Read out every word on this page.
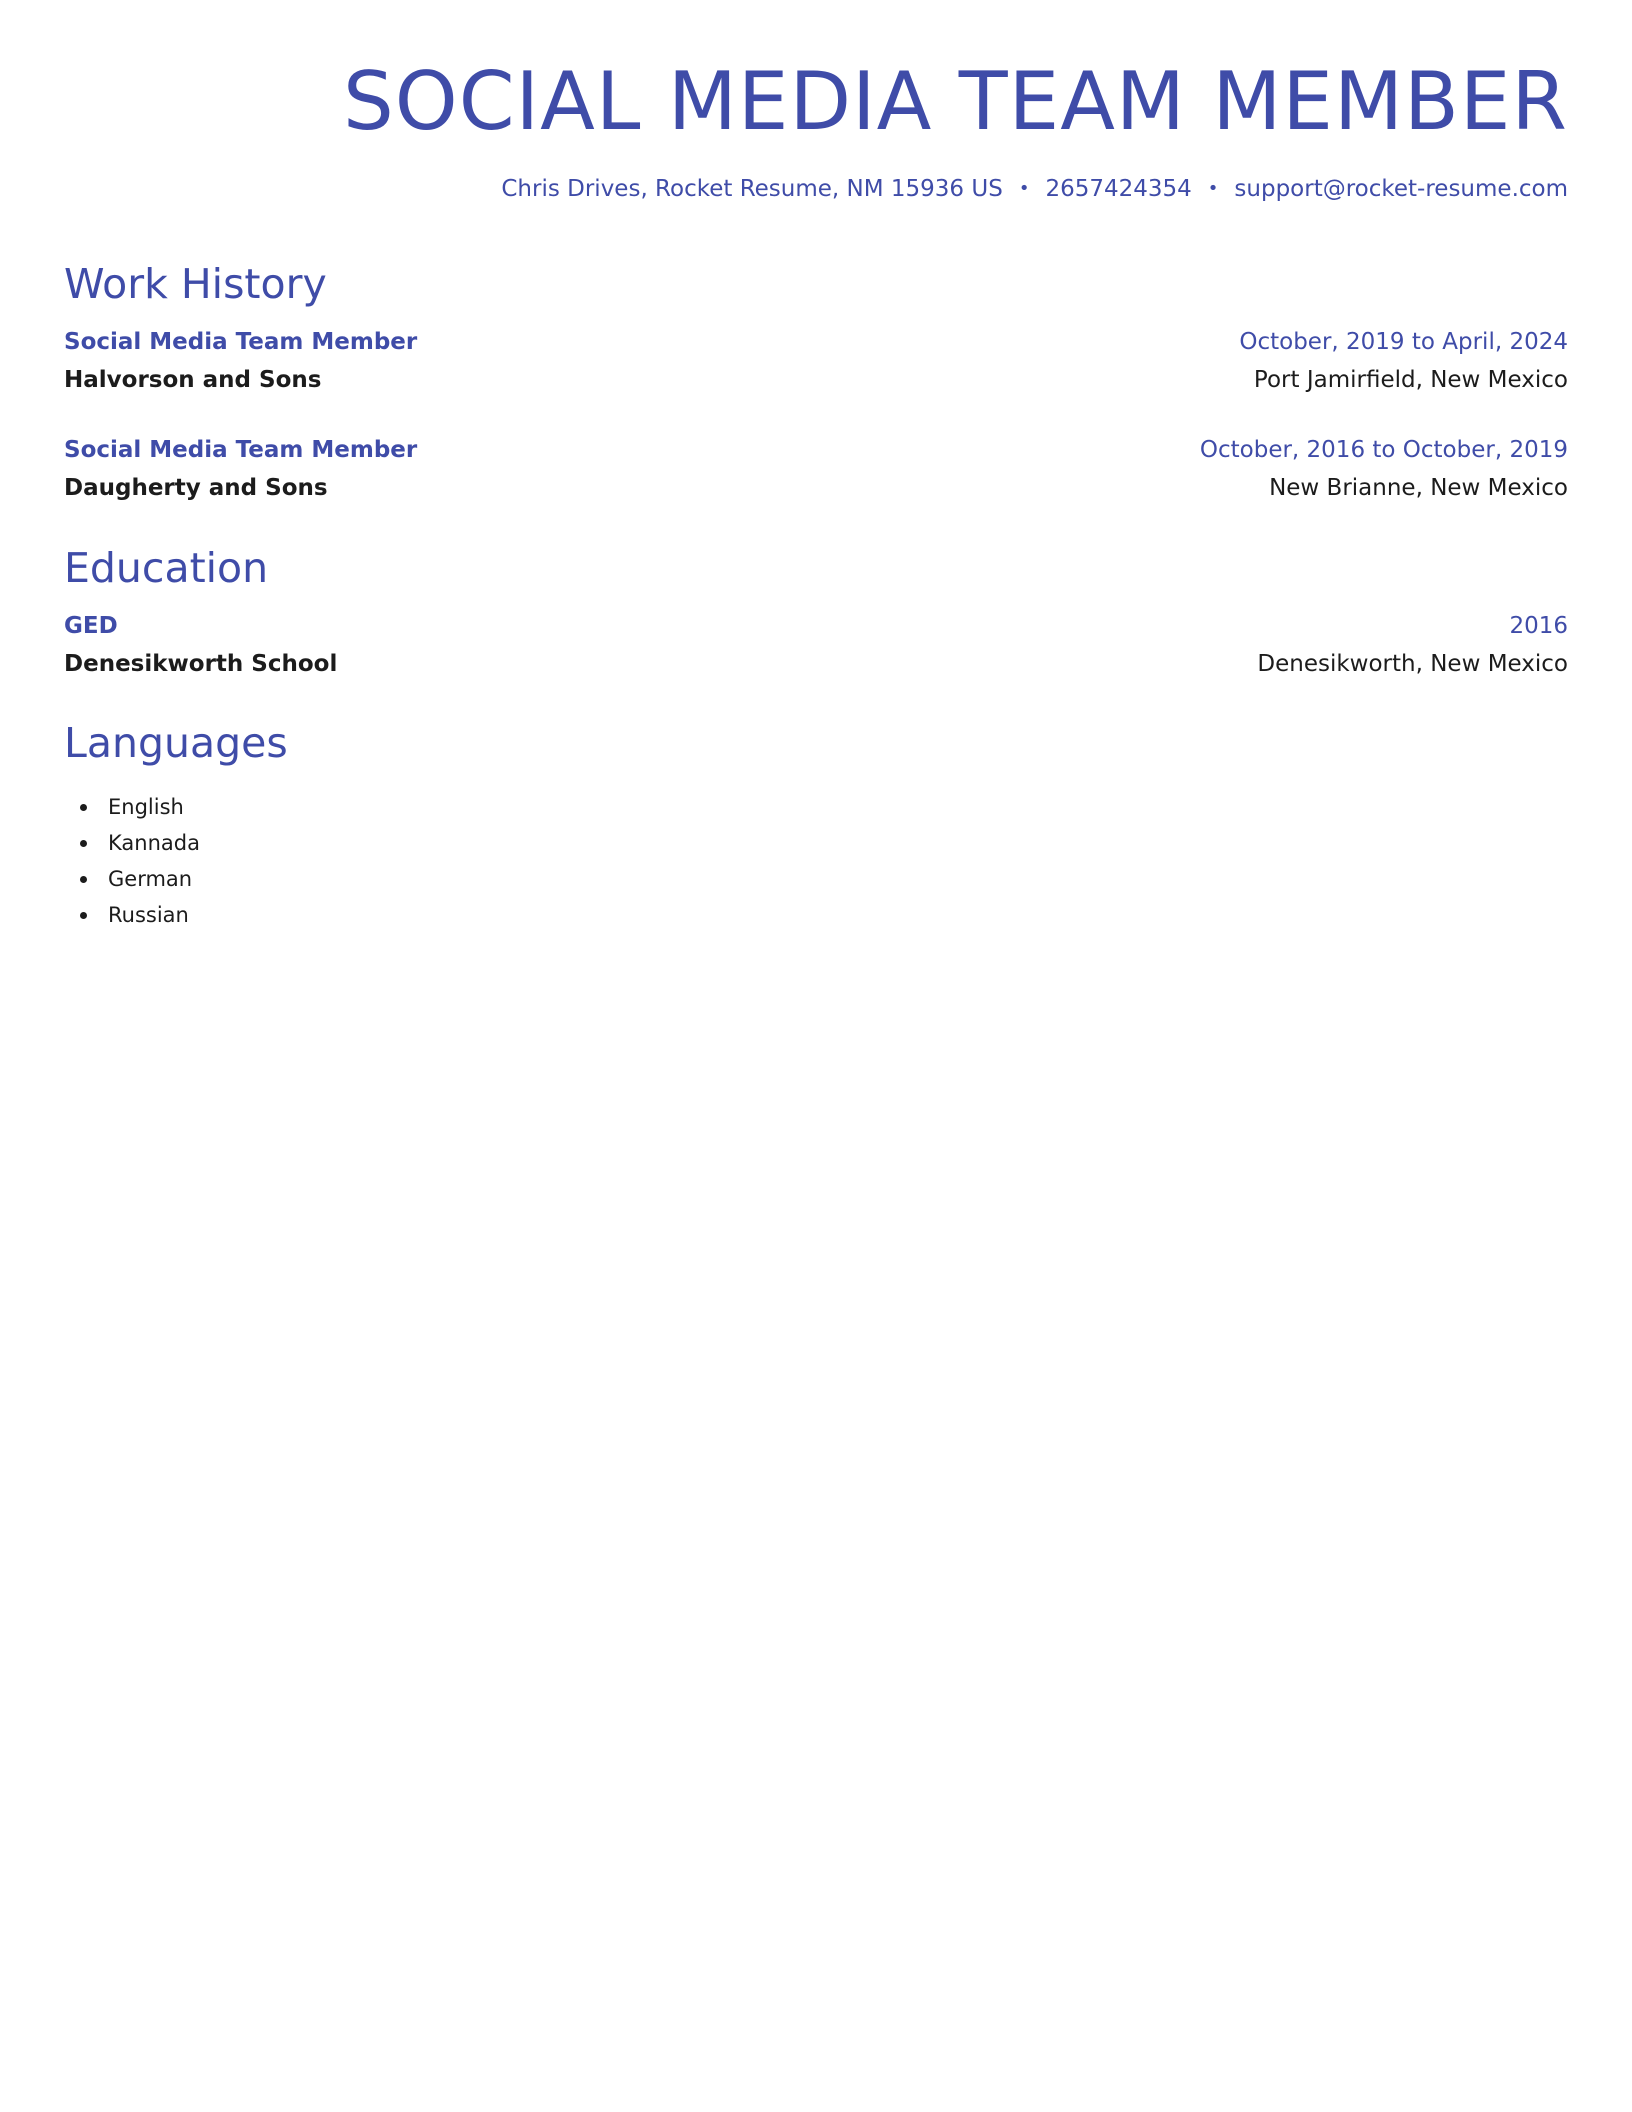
SOCIAL MEDIA TEAM MEMBER
Chris Drives, Rocket Resume, NM 15936 US • 2657424354 • support@rocket-resume.com
Work History
Social Media Team Member	October, 2019 to April, 2024
Halvorson and Sons	Port Jamirfield, New Mexico
Social Media Team Member	October, 2016 to October, 2019
Daugherty and Sons	New Brianne, New Mexico
Education
GED	2016
Denesikworth School	Denesikworth, New Mexico
Languages
English
Kannada
German
Russian
